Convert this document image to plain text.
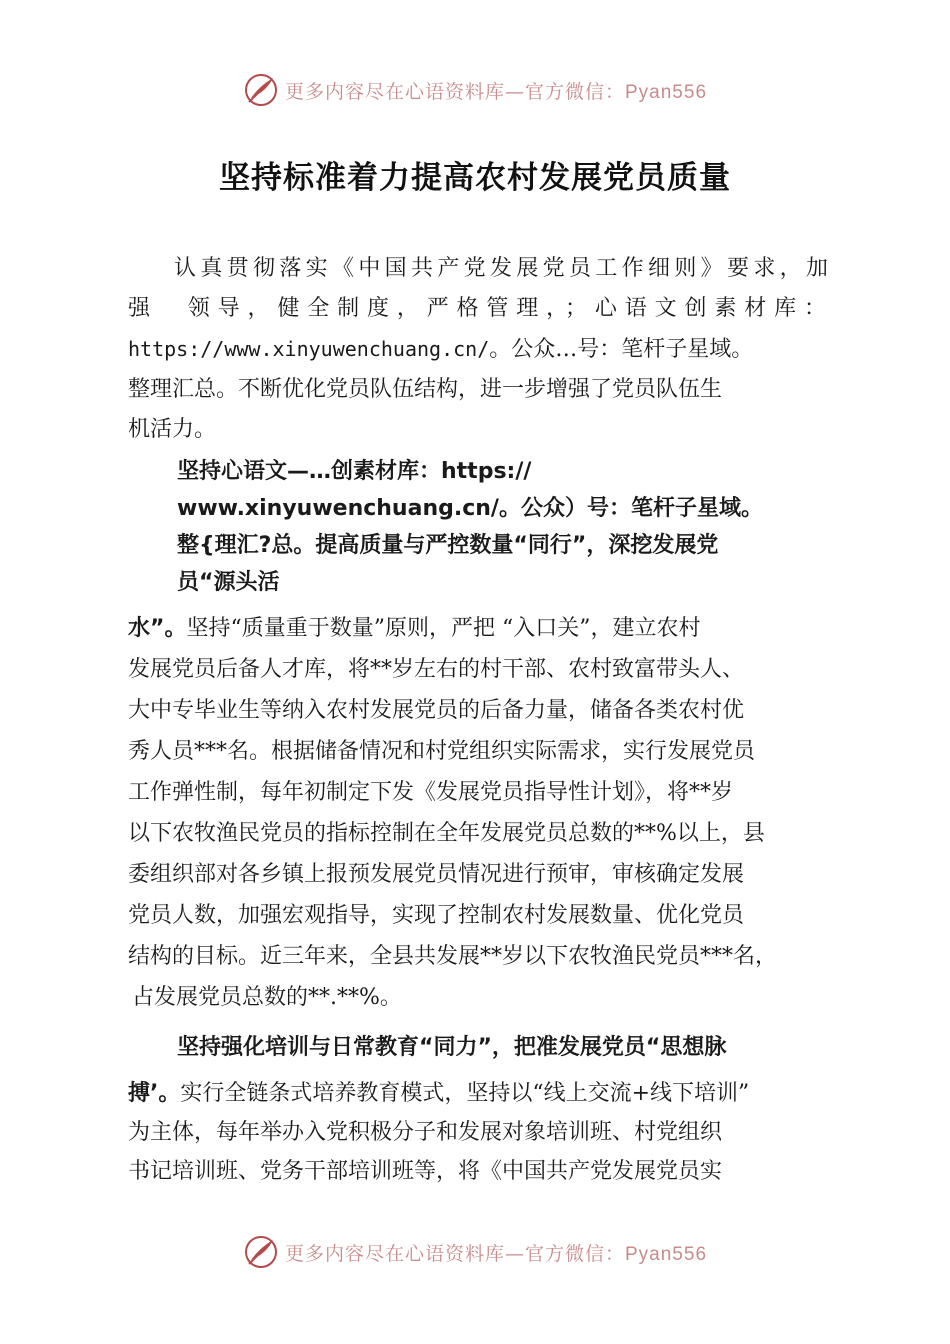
更多内容尽在心语资料库—官方微信：Pyan556
坚持标准着力提高农村发展党员质量
认真贯彻落实《中国共产党发展党员工作细则》要求，加
强　领导，健全制度，严格管理，；心语文创素材库：
https://www.xinyuwenchuang.cn/。公众…号：笔杆子星域。
整理汇总。不断优化党员队伍结构，进一步增强了党员队伍生
机活力。
坚持心语文—…创素材库：https://
www.xinyuwenchuang.cn/。公众）号：笔杆子星域。
整{理汇?总。提高质量与严控数量“同行”，深挖发展党
员“源头活
水”。坚持“质量重于数量”原则，严把 “入口关”，建立农村
发展党员后备人才库，将**岁左右的村干部、农村致富带头人、
大中专毕业生等纳入农村发展党员的后备力量，储备各类农村优
秀人员***名。根据储备情况和村党组织实际需求，实行发展党员
工作弹性制，每年初制定下发《发展党员指导性计划》，将**岁
以下农牧渔民党员的指标控制在全年发展党员总数的**%以上，县
委组织部对各乡镇上报预发展党员情况进行预审，审核确定发展
党员人数，加强宏观指导，实现了控制农村发展数量、优化党员
结构的目标。近三年来，全县共发展**岁以下农牧渔民党员***名，
占发展党员总数的**.**%。
坚持强化培训与日常教育“同力”，把准发展党员“思想脉
搏’。实行全链条式培养教育模式，坚持以“线上交流+线下培训”
为主体，每年举办入党积极分子和发展对象培训班、村党组织
书记培训班、党务干部培训班等，将《中国共产党发展党员实
更多内容尽在心语资料库—官方微信：Pyan556
